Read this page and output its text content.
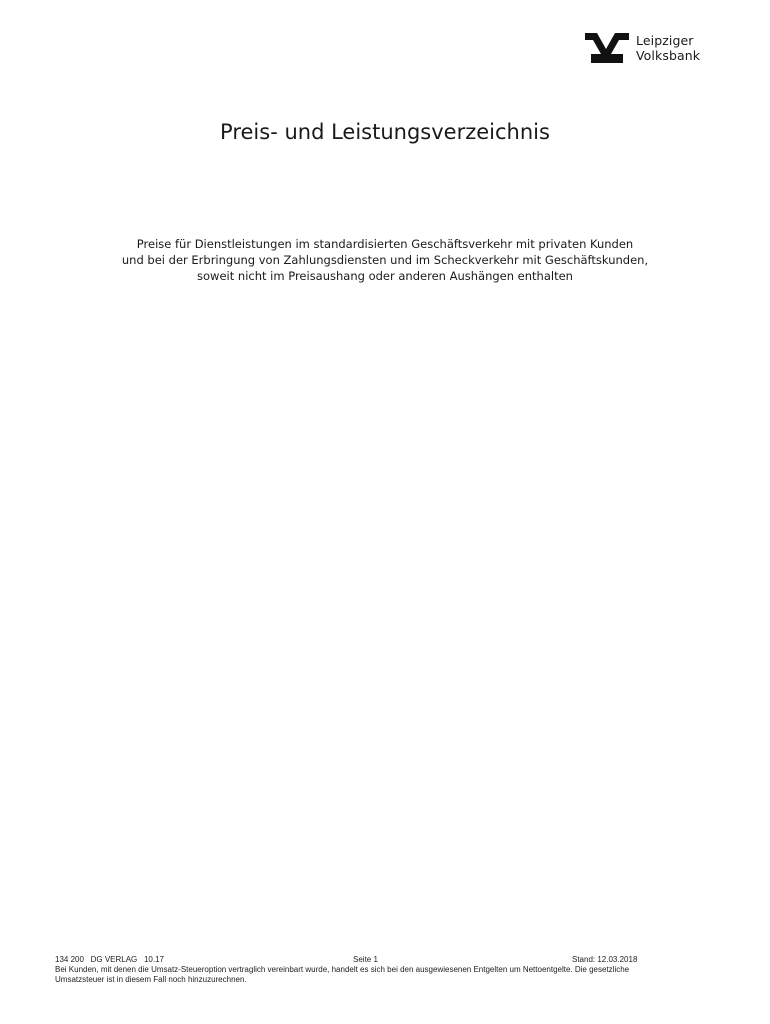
Leipziger
Volksbank
Preis- und Leistungsverzeichnis
Preise für Dienstleistungen im standardisierten Geschäftsverkehr mit privaten Kunden
und bei der Erbringung von Zahlungsdiensten und im Scheckverkehr mit Geschäftskunden,
soweit nicht im Preisaushang oder anderen Aushängen enthalten
134 200 DG VERLAG 10.17	Seite 1	Stand: 12.03.2018
Bei Kunden, mit denen die Umsatz-Steueroption vertraglich vereinbart wurde, handelt es sich bei den ausgewiesenen Entgelten um Nettoentgelte. Die gesetzliche
Umsatzsteuer ist in diesem Fall noch hinzuzurechnen.
